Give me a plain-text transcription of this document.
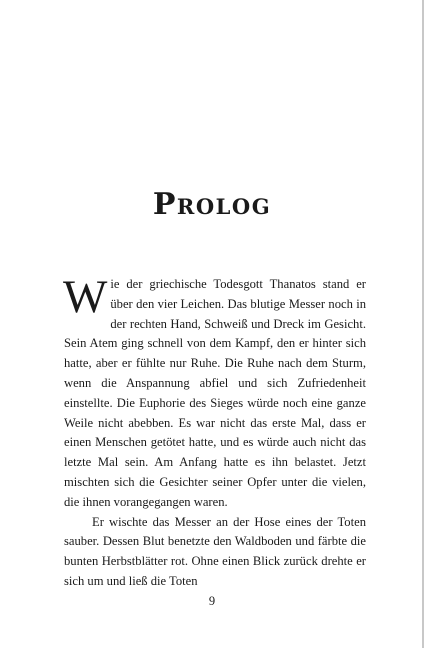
Prolog

Wie der griechische Todesgott Thanatos stand er über den vier Leichen. Das blutige Messer noch in der rechten Hand, Schweiß und Dreck im Gesicht. Sein Atem ging schnell von dem Kampf, den er hinter sich hatte, aber er fühlte nur Ruhe. Die Ruhe nach dem Sturm, wenn die Anspannung abfiel und sich Zufriedenheit einstellte. Die Euphorie des Sieges würde noch eine ganze Weile nicht abebben. Es war nicht das erste Mal, dass er einen Menschen getötet hatte, und es würde auch nicht das letzte Mal sein. Am Anfang hatte es ihn belastet. Jetzt mischten sich die Gesichter seiner Opfer unter die vielen, die ihnen vorangegangen waren.

Er wischte das Messer an der Hose eines der Toten sauber. Dessen Blut benetzte den Waldboden und färbte die bunten Herbstblätter rot. Ohne einen Blick zurück drehte er sich um und ließ die Toten

9
